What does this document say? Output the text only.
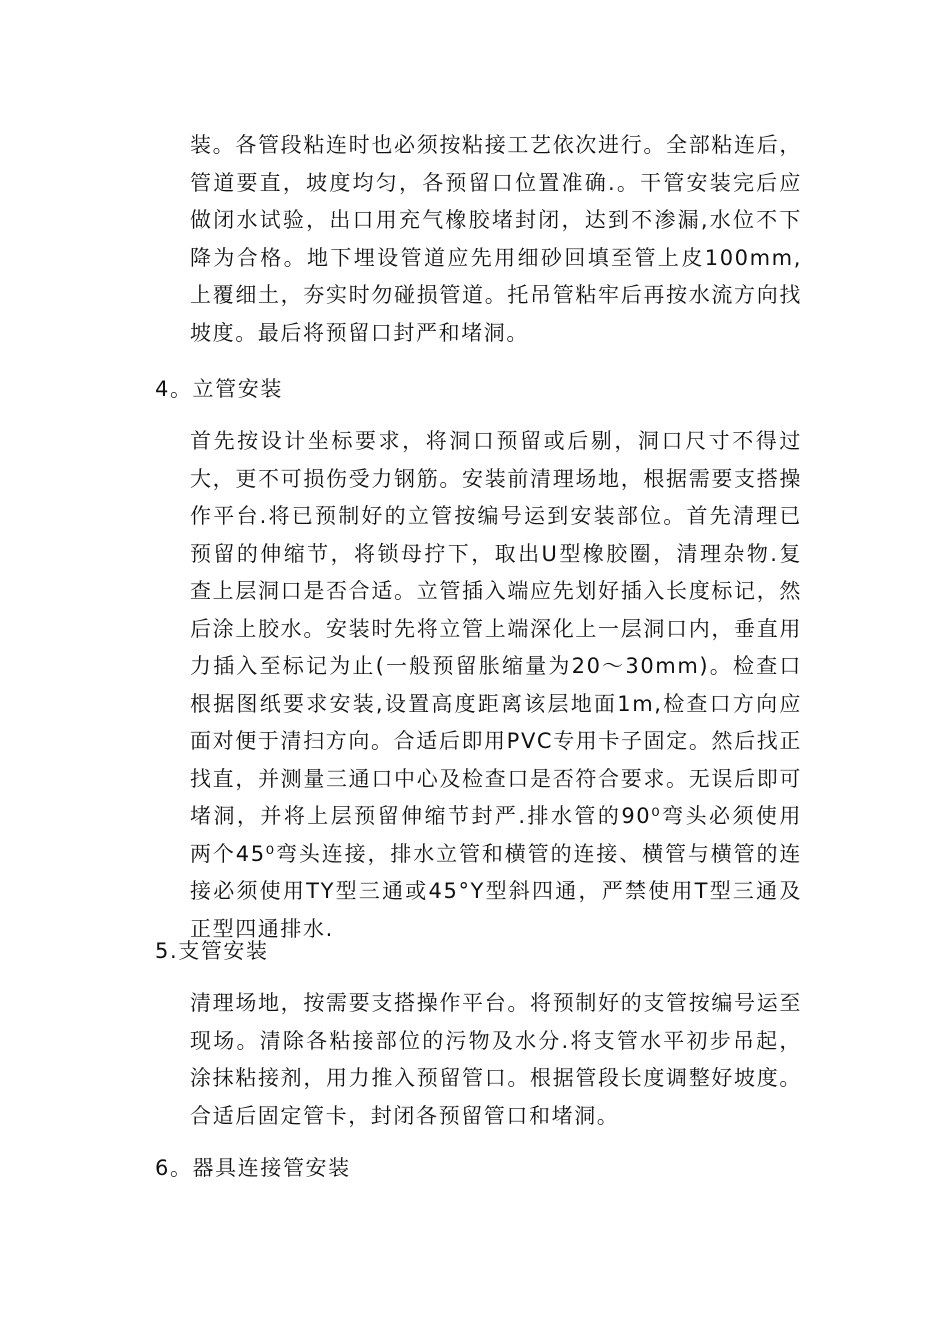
装。各管段粘连时也必须按粘接工艺依次进行。全部粘连后，管道要直，坡度均匀，各预留口位置准确.。干管安装完后应做闭水试验，出口用充气橡胶堵封闭，达到不渗漏,水位不下降为合格。地下埋设管道应先用细砂回填至管上皮100mm,上覆细土，夯实时勿碰损管道。托吊管粘牢后再按水流方向找坡度。最后将预留口封严和堵洞。

4。立管安装

首先按设计坐标要求，将洞口预留或后剔，洞口尺寸不得过大，更不可损伤受力钢筋。安装前清理场地，根据需要支搭操作平台.将已预制好的立管按编号运到安装部位。首先清理已预留的伸缩节，将锁母拧下，取出U型橡胶圈，清理杂物.复查上层洞口是否合适。立管插入端应先划好插入长度标记，然后涂上胶水。安装时先将立管上端深化上一层洞口内，垂直用力插入至标记为止(一般预留胀缩量为20～30mm)。检查口根据图纸要求安装,设置高度距离该层地面1m,检查口方向应面对便于清扫方向。合适后即用PVC专用卡子固定。然后找正找直，并测量三通口中心及检查口是否符合要求。无误后即可堵洞，并将上层预留伸缩节封严.排水管的90⁰弯头必须使用两个45⁰弯头连接，排水立管和横管的连接、横管与横管的连接必须使用TY型三通或45°Y型斜四通，严禁使用T型三通及正型四通排水.

5.支管安装

清理场地，按需要支搭操作平台。将预制好的支管按编号运至现场。清除各粘接部位的污物及水分.将支管水平初步吊起，涂抹粘接剂，用力推入预留管口。根据管段长度调整好坡度。合适后固定管卡，封闭各预留管口和堵洞。

6。器具连接管安装
